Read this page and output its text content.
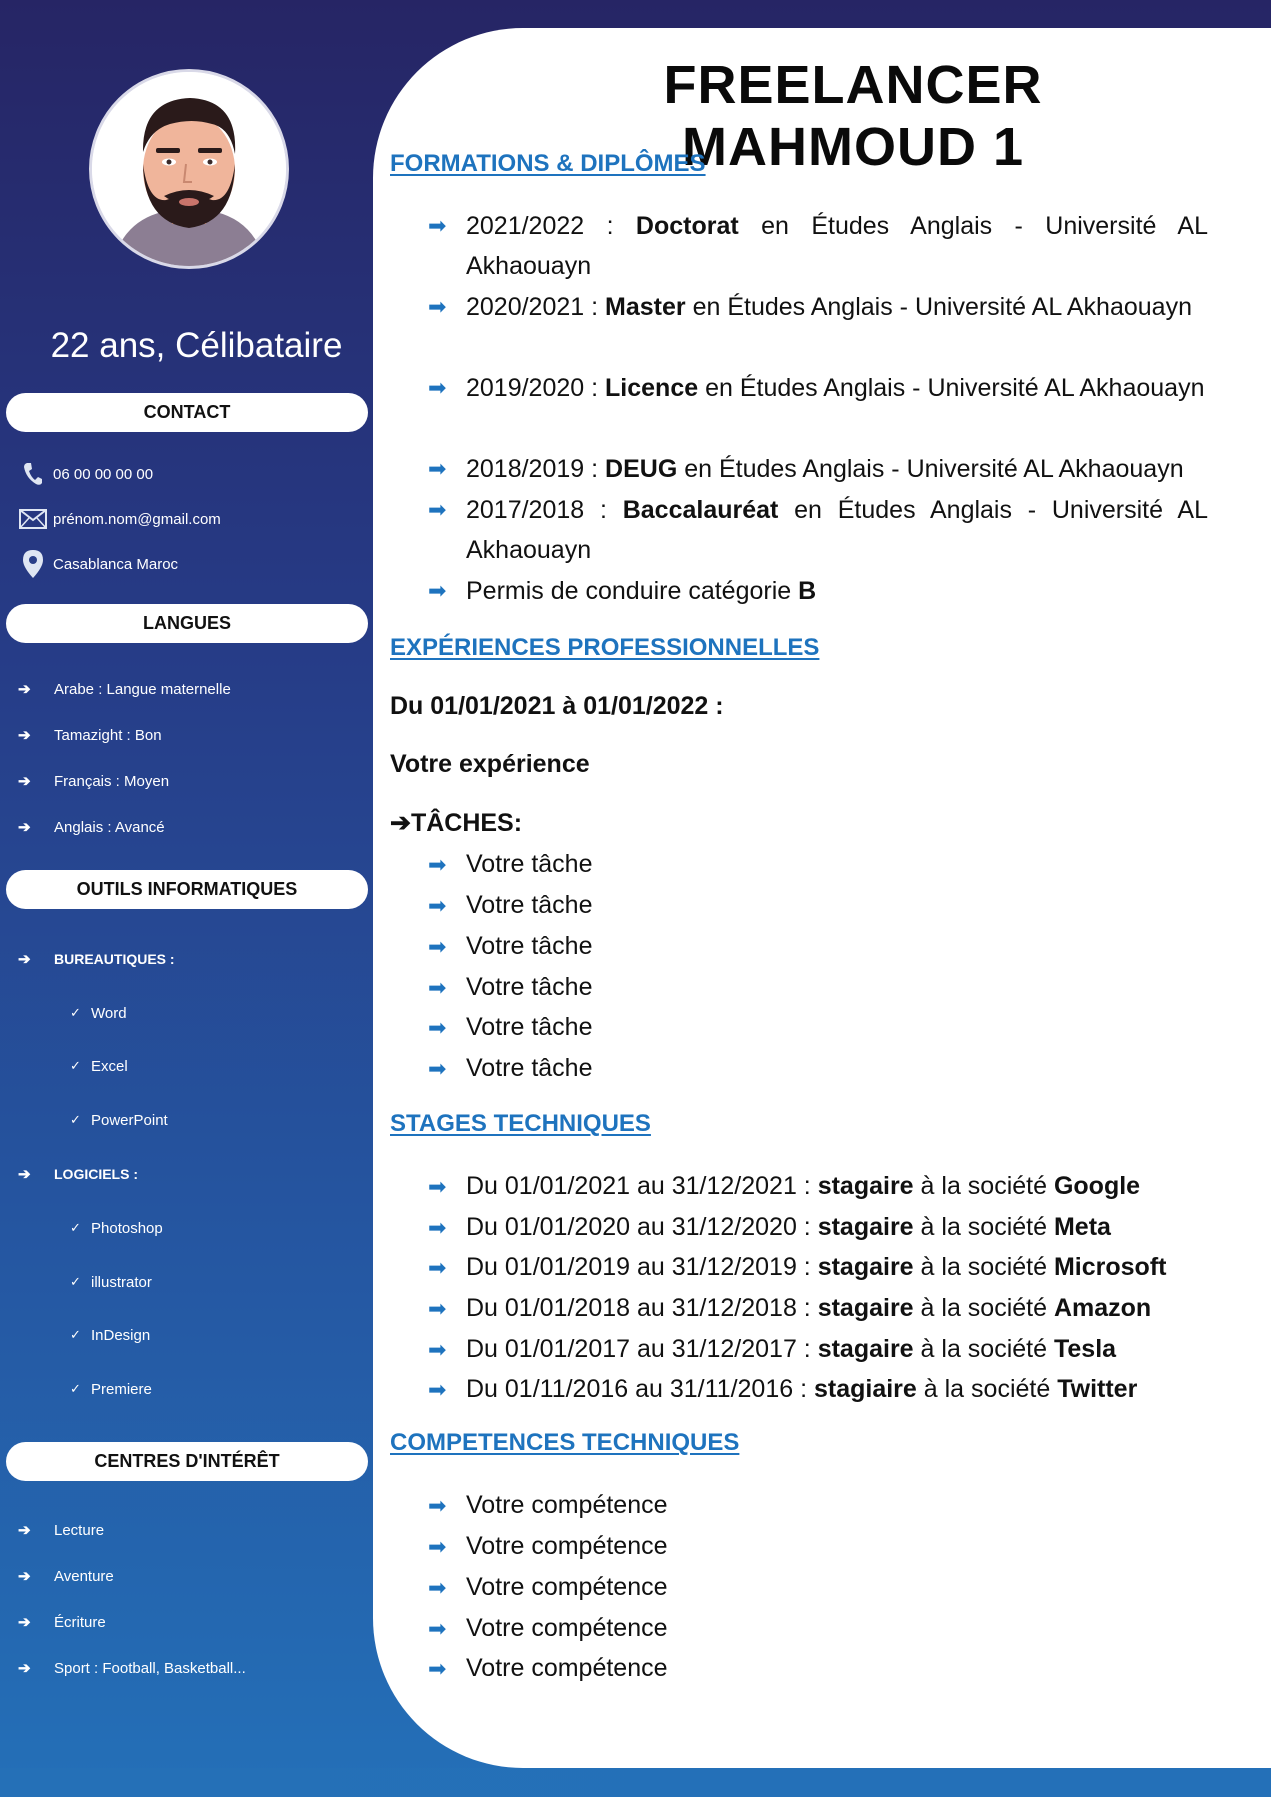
22 ans, Célibataire
CONTACT
06 00 00 00 00
prénom.nom@gmail.com
Casablanca Maroc
LANGUES
➔ Arabe : Langue maternelle
➔ Tamazight : Bon
➔ Français : Moyen
➔ Anglais : Avancé
OUTILS INFORMATIQUES
➔ BUREAUTIQUES :
✓ Word
✓ Excel
✓ PowerPoint
➔ LOGICIELS :
✓ Photoshop
✓ illustrator
✓ InDesign
✓ Premiere
CENTRES D'INTÉRÊT
➔ Lecture
➔ Aventure
➔ Écriture
➔ Sport : Football, Basketball...
FREELANCER MAHMOUD 1
FORMATIONS & DIPLÔMES
➡ 2021/2022 : Doctorat en Études Anglais - Université AL Akhaouayn
➡ 2020/2021 : Master en Études Anglais - Université AL Akhaouayn
➡ 2019/2020 : Licence en Études Anglais - Université AL Akhaouayn
➡ 2018/2019 : DEUG en Études Anglais - Université AL Akhaouayn
➡ 2017/2018 : Baccalauréat en Études Anglais - Université AL Akhaouayn
➡ Permis de conduire catégorie B
EXPÉRIENCES PROFESSIONNELLES
Du 01/01/2021 à 01/01/2022 :
Votre expérience
➔TÂCHES:
➡ Votre tâche
➡ Votre tâche
➡ Votre tâche
➡ Votre tâche
➡ Votre tâche
➡ Votre tâche
STAGES TECHNIQUES
➡ Du 01/01/2021 au 31/12/2021 : stagaire à la société Google
➡ Du 01/01/2020 au 31/12/2020 : stagaire à la société Meta
➡ Du 01/01/2019 au 31/12/2019 : stagaire à la société Microsoft
➡ Du 01/01/2018 au 31/12/2018 : stagaire à la société Amazon
➡ Du 01/01/2017 au 31/12/2017 : stagaire à la société Tesla
➡ Du 01/11/2016 au 31/11/2016 : stagiaire à la société Twitter
COMPETENCES TECHNIQUES
➡ Votre compétence
➡ Votre compétence
➡ Votre compétence
➡ Votre compétence
➡ Votre compétence
